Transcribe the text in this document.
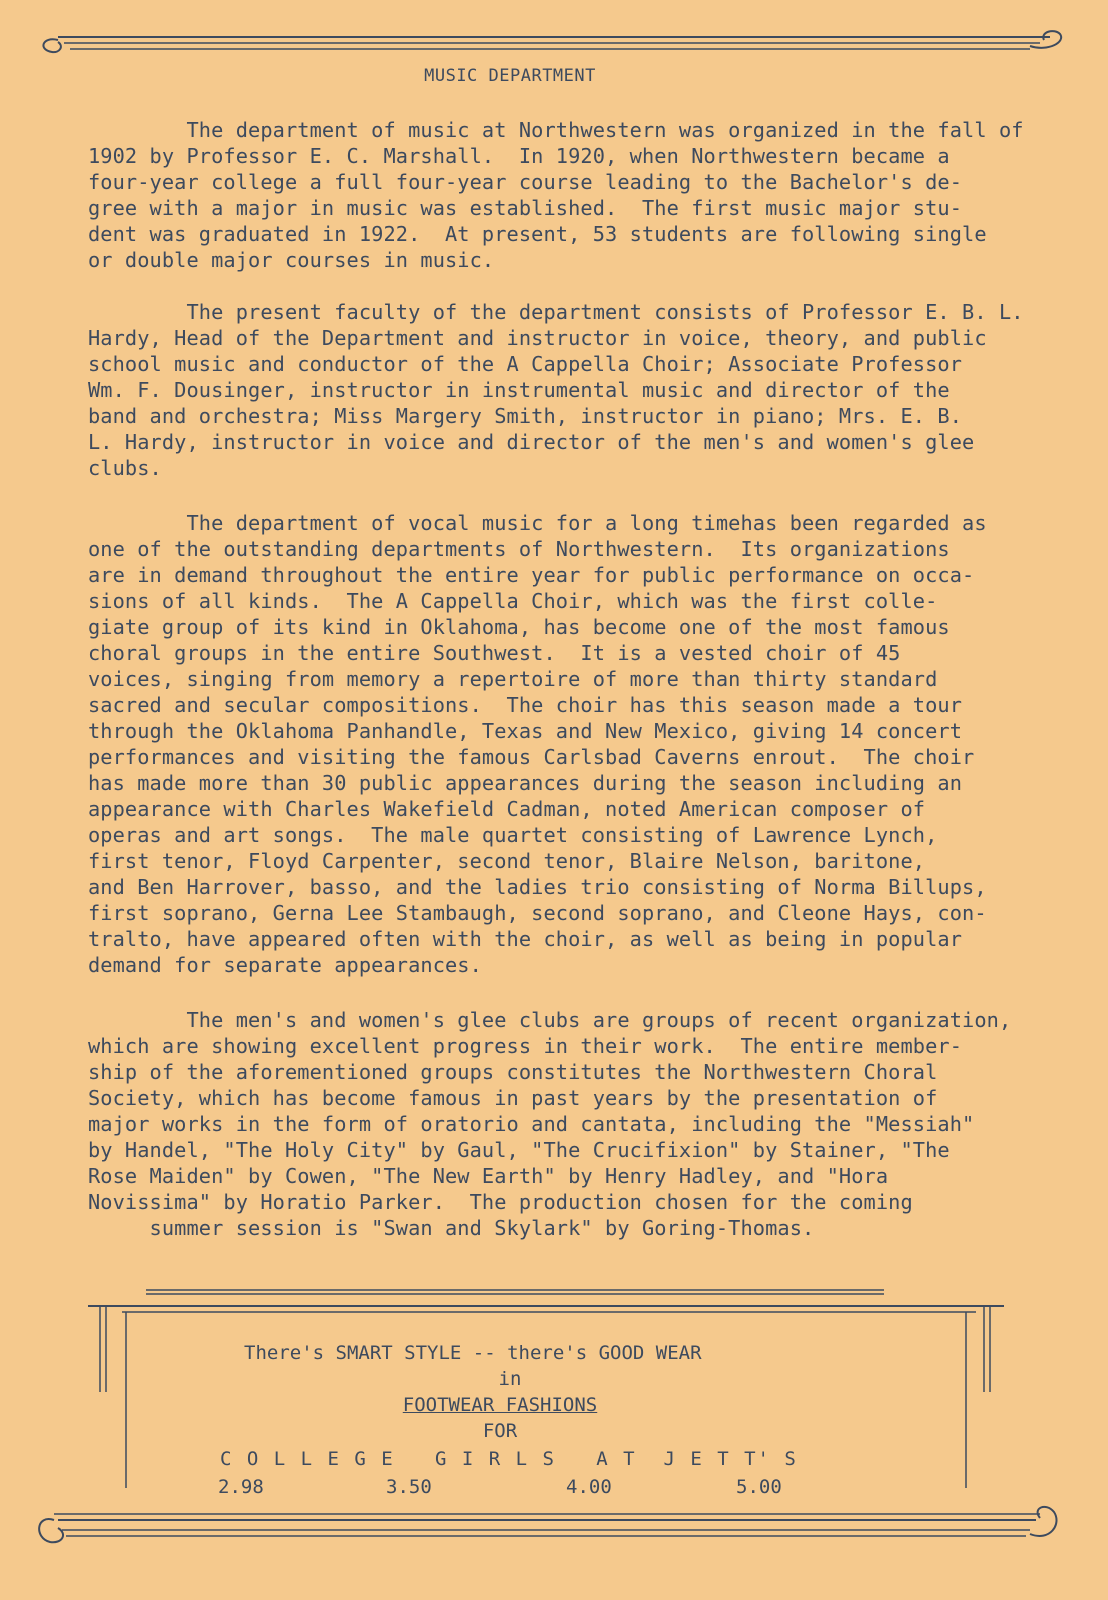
MUSIC DEPARTMENT
The department of music at Northwestern was organized in the fall of
1902 by Professor E. C. Marshall.  In 1920, when Northwestern became a
four-year college a full four-year course leading to the Bachelor's de-
gree with a major in music was established.  The first music major stu-
dent was graduated in 1922.  At present, 53 students are following single
or double major courses in music.
The present faculty of the department consists of Professor E. B. L.
Hardy, Head of the Department and instructor in voice, theory, and public
school music and conductor of the A Cappella Choir; Associate Professor
Wm. F. Dousinger, instructor in instrumental music and director of the
band and orchestra; Miss Margery Smith, instructor in piano; Mrs. E. B.
L. Hardy, instructor in voice and director of the men's and women's glee
clubs.
The department of vocal music for a long timehas been regarded as
one of the outstanding departments of Northwestern.  Its organizations
are in demand throughout the entire year for public performance on occa-
sions of all kinds.  The A Cappella Choir, which was the first colle-
giate group of its kind in Oklahoma, has become one of the most famous
choral groups in the entire Southwest.  It is a vested choir of 45
voices, singing from memory a repertoire of more than thirty standard
sacred and secular compositions.  The choir has this season made a tour
through the Oklahoma Panhandle, Texas and New Mexico, giving 14 concert
performances and visiting the famous Carlsbad Caverns enrout.  The choir
has made more than 30 public appearances during the season including an
appearance with Charles Wakefield Cadman, noted American composer of
operas and art songs.  The male quartet consisting of Lawrence Lynch,
first tenor, Floyd Carpenter, second tenor, Blaire Nelson, baritone,
and Ben Harrover, basso, and the ladies trio consisting of Norma Billups,
first soprano, Gerna Lee Stambaugh, second soprano, and Cleone Hays, con-
tralto, have appeared often with the choir, as well as being in popular
demand for separate appearances.
The men's and women's glee clubs are groups of recent organization,
which are showing excellent progress in their work.  The entire member-
ship of the aforementioned groups constitutes the Northwestern Choral
Society, which has become famous in past years by the presentation of
major works in the form of oratorio and cantata, including the "Messiah"
by Handel, "The Holy City" by Gaul, "The Crucifixion" by Stainer, "The
Rose Maiden" by Cowen, "The New Earth" by Henry Hadley, and "Hora
Novissima" by Horatio Parker.  The production chosen for the coming
summer session is "Swan and Skylark" by Goring-Thomas.
There's SMART STYLE -- there's GOOD WEAR
in
FOOTWEAR FASHIONS
FOR
C O L L E G E   G I R L S   A T  J E T T' S
2.98	3.50	4.00	5.00
